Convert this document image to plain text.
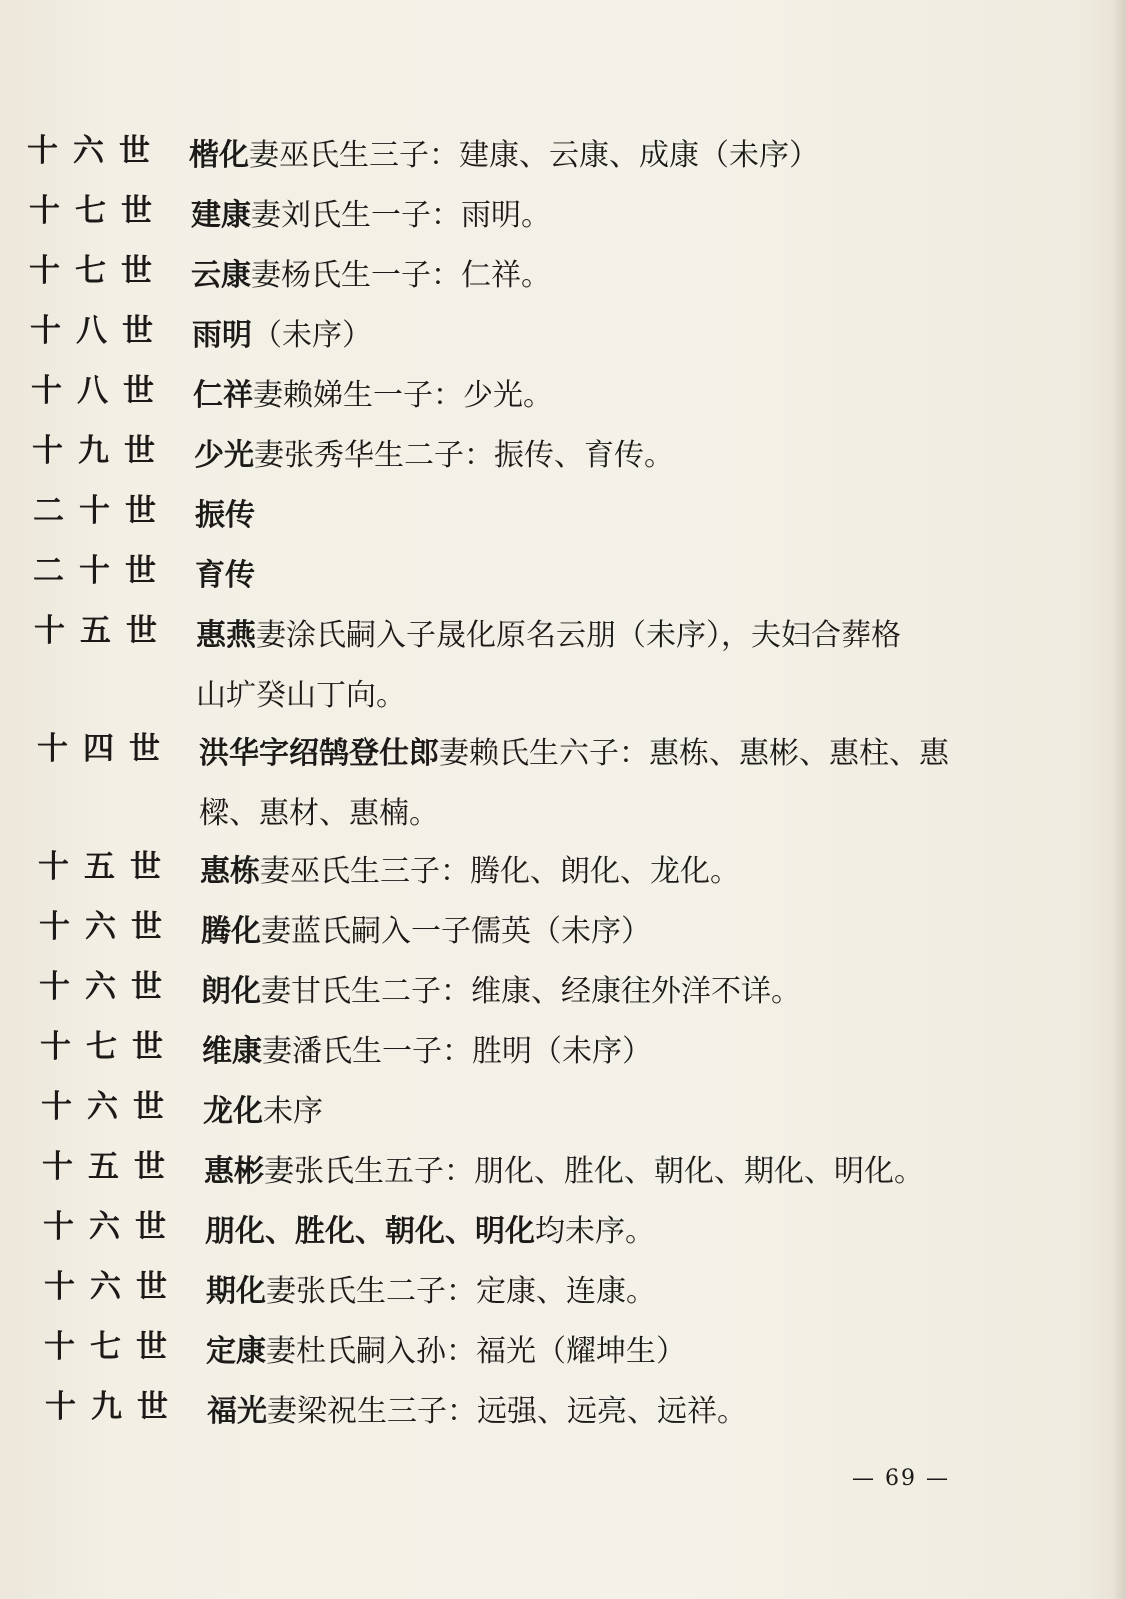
十六世 楷化妻巫氏生三子：建康、云康、成康（未序）
十七世 建康妻刘氏生一子：雨明。
十七世 云康妻杨氏生一子：仁祥。
十八世 雨明（未序）
十八世 仁祥妻赖娣生一子：少光。
十九世 少光妻张秀华生二子：振传、育传。
二十世 振传
二十世 育传
十五世 惠燕妻涂氏嗣入子晟化原名云朋（未序），夫妇合葬格
山圹癸山丁向。
十四世 洪华字绍鹄登仕郎妻赖氏生六子：惠栋、惠彬、惠柱、惠
樑、惠材、惠楠。
十五世 惠栋妻巫氏生三子：腾化、朗化、龙化。
十六世 腾化妻蓝氏嗣入一子儒英（未序）
十六世 朗化妻甘氏生二子：维康、经康往外洋不详。
十七世 维康妻潘氏生一子：胜明（未序）
十六世 龙化未序
十五世 惠彬妻张氏生五子：朋化、胜化、朝化、期化、明化。
十六世 朋化、胜化、朝化、明化均未序。
十六世 期化妻张氏生二子：定康、连康。
十七世 定康妻杜氏嗣入孙：福光（耀坤生）
十九世 福光妻梁祝生三子：远强、远亮、远祥。
— 69 —
